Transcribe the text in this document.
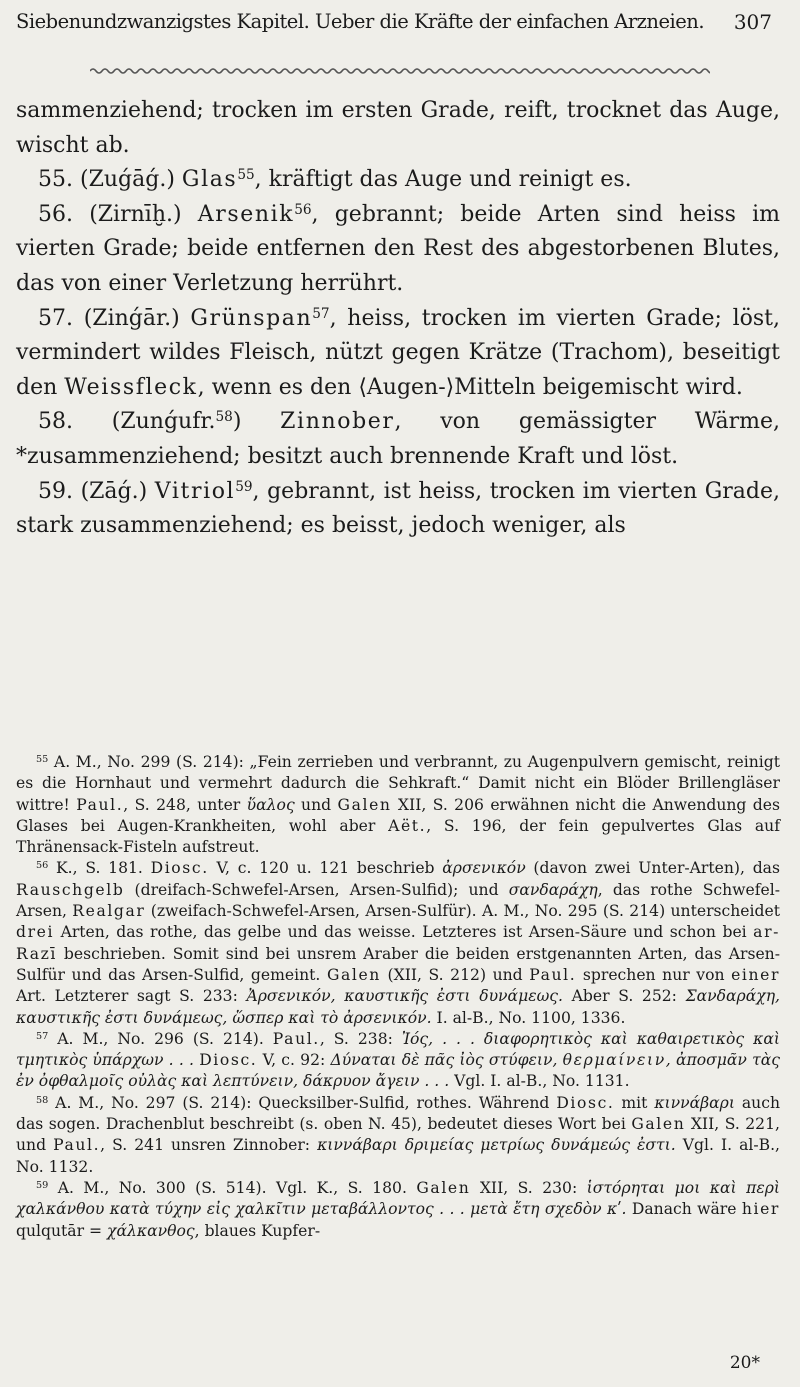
Siebenundzwanzigstes Kapitel. Ueber die Kräfte der einfachen Arzneien. 307

sammenziehend; trocken im ersten Grade, reift, trocknet das Auge, wischt ab.

55. (Zuǵāǵ.) Glas$^{55}$, kräftigt das Auge und reinigt es.

56. (Zirnīḫ.) Arsenik$^{56}$, gebrannt; beide Arten sind heiss im vierten Grade; beide entfernen den Rest des abgestorbenen Blutes, das von einer Verletzung herrührt.

57. (Zinǵār.) Grünspan$^{57}$, heiss, trocken im vierten Grade; löst, vermindert wildes Fleisch, nützt gegen Krätze (Trachom), beseitigt den Weissfleck, wenn es den ⟨Augen-⟩Mitteln beigemischt wird.

58. (Zunǵufr.$^{58}$) Zinnober, von gemässigter Wärme, *zusammenziehend; besitzt auch brennende Kraft und löst.

59. (Zāǵ.) Vitriol$^{59}$, gebrannt, ist heiss, trocken im vierten Grade, stark zusammenziehend; es beisst, jedoch weniger, als

$^{55}$ A. M., No. 299 (S. 214): „Fein zerrieben und verbrannt, zu Augenpulvern gemischt, reinigt es die Hornhaut und vermehrt dadurch die Sehkraft.“ Damit nicht ein Blöder Brillengläser wittre! Paul., S. 248, unter ὕαλος und Galen XII, S. 206 erwähnen nicht die Anwendung des Glases bei Augen-Krankheiten, wohl aber Aët., S. 196, der fein gepulvertes Glas auf Thränensack-Fisteln aufstreut.

$^{56}$ K., S. 181. Diosc. V, c. 120 u. 121 beschrieb ἀρσενικόν (davon zwei Unter-Arten), das Rauschgelb (dreifach-Schwefel-Arsen, Arsen-Sulfid); und σανδαράχη, das rothe Schwefel-Arsen, Realgar (zweifach-Schwefel-Arsen, Arsen-Sulfür). A. M., No. 295 (S. 214) unterscheidet drei Arten, das rothe, das gelbe und das weisse. Letzteres ist Arsen-Säure und schon bei ar-Razī beschrieben. Somit sind bei unsrem Araber die beiden erstgenannten Arten, das Arsen-Sulfür und das Arsen-Sulfid, gemeint. Galen (XII, S. 212) und Paul. sprechen nur von einer Art. Letzterer sagt S. 233: Ἀρσενικόν, καυστικῆς ἐστι δυνάμεως. Aber S. 252: Σανδαράχη, καυστικῆς ἐστι δυνάμεως, ὥσπερ καὶ τὸ ἀρσενικόν. I. al-B., No. 1100, 1336.

$^{57}$ A. M., No. 296 (S. 214). Paul., S. 238: Ἰός, . . . διαφορητικὸς καὶ καθαιρετικὸς καὶ τμητικὸς ὑπάρχων . . . Diosc. V, c. 92: Δύναται δὲ πᾶς ἰὸς στύφειν, θερμαίνειν, ἀποσμᾶν τὰς ἐν ὀφθαλμοῖς οὐλὰς καὶ λεπτύνειν, δάκρυον ἄγειν . . . Vgl. I. al-B., No. 1131.

$^{58}$ A. M., No. 297 (S. 214): Quecksilber-Sulfid, rothes. Während Diosc. mit κιννάβαρι auch das sogen. Drachenblut beschreibt (s. oben N. 45), bedeutet dieses Wort bei Galen XII, S. 221, und Paul., S. 241 unsren Zinnober: κιννάβαρι δριμείας μετρίως δυνάμεώς ἐστι. Vgl. I. al-B., No. 1132.

$^{59}$ A. M., No. 300 (S. 514). Vgl. K., S. 180. Galen XII, S. 230: ἱστόρηται μοι καὶ περὶ χαλκάνθου κατὰ τύχην εἰς χαλκῖτιν μεταβάλλοντος . . . μετὰ ἔτη σχεδὸν κʹ. Danach wäre hier qulqutār = χάλκανθος, blaues Kupfer-

20*
